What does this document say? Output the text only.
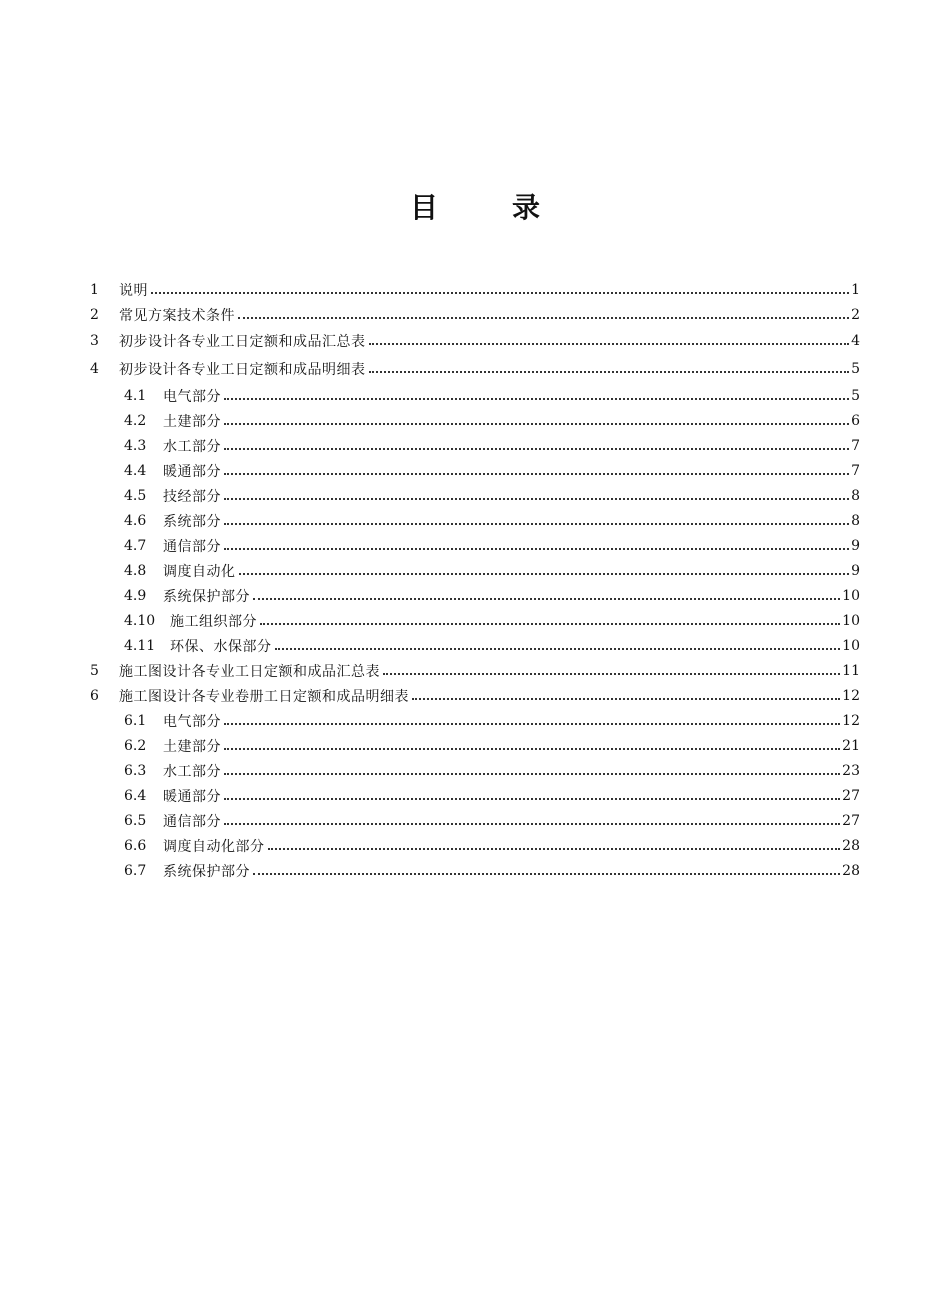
目	录
1	说明	1
2	常见方案技术条件	2
3	初步设计各专业工日定额和成品汇总表	4
4	初步设计各专业工日定额和成品明细表	5
4.1	电气部分	5
4.2	土建部分	6
4.3	水工部分	7
4.4	暖通部分	7
4.5	技经部分	8
4.6	系统部分	8
4.7	通信部分	9
4.8	调度自动化	9
4.9	系统保护部分	10
4.10	施工组织部分	10
4.11	环保、水保部分	10
5	施工图设计各专业工日定额和成品汇总表	11
6	施工图设计各专业卷册工日定额和成品明细表	12
6.1	电气部分	12
6.2	土建部分	21
6.3	水工部分	23
6.4	暖通部分	27
6.5	通信部分	27
6.6	调度自动化部分	28
6.7	系统保护部分	28
